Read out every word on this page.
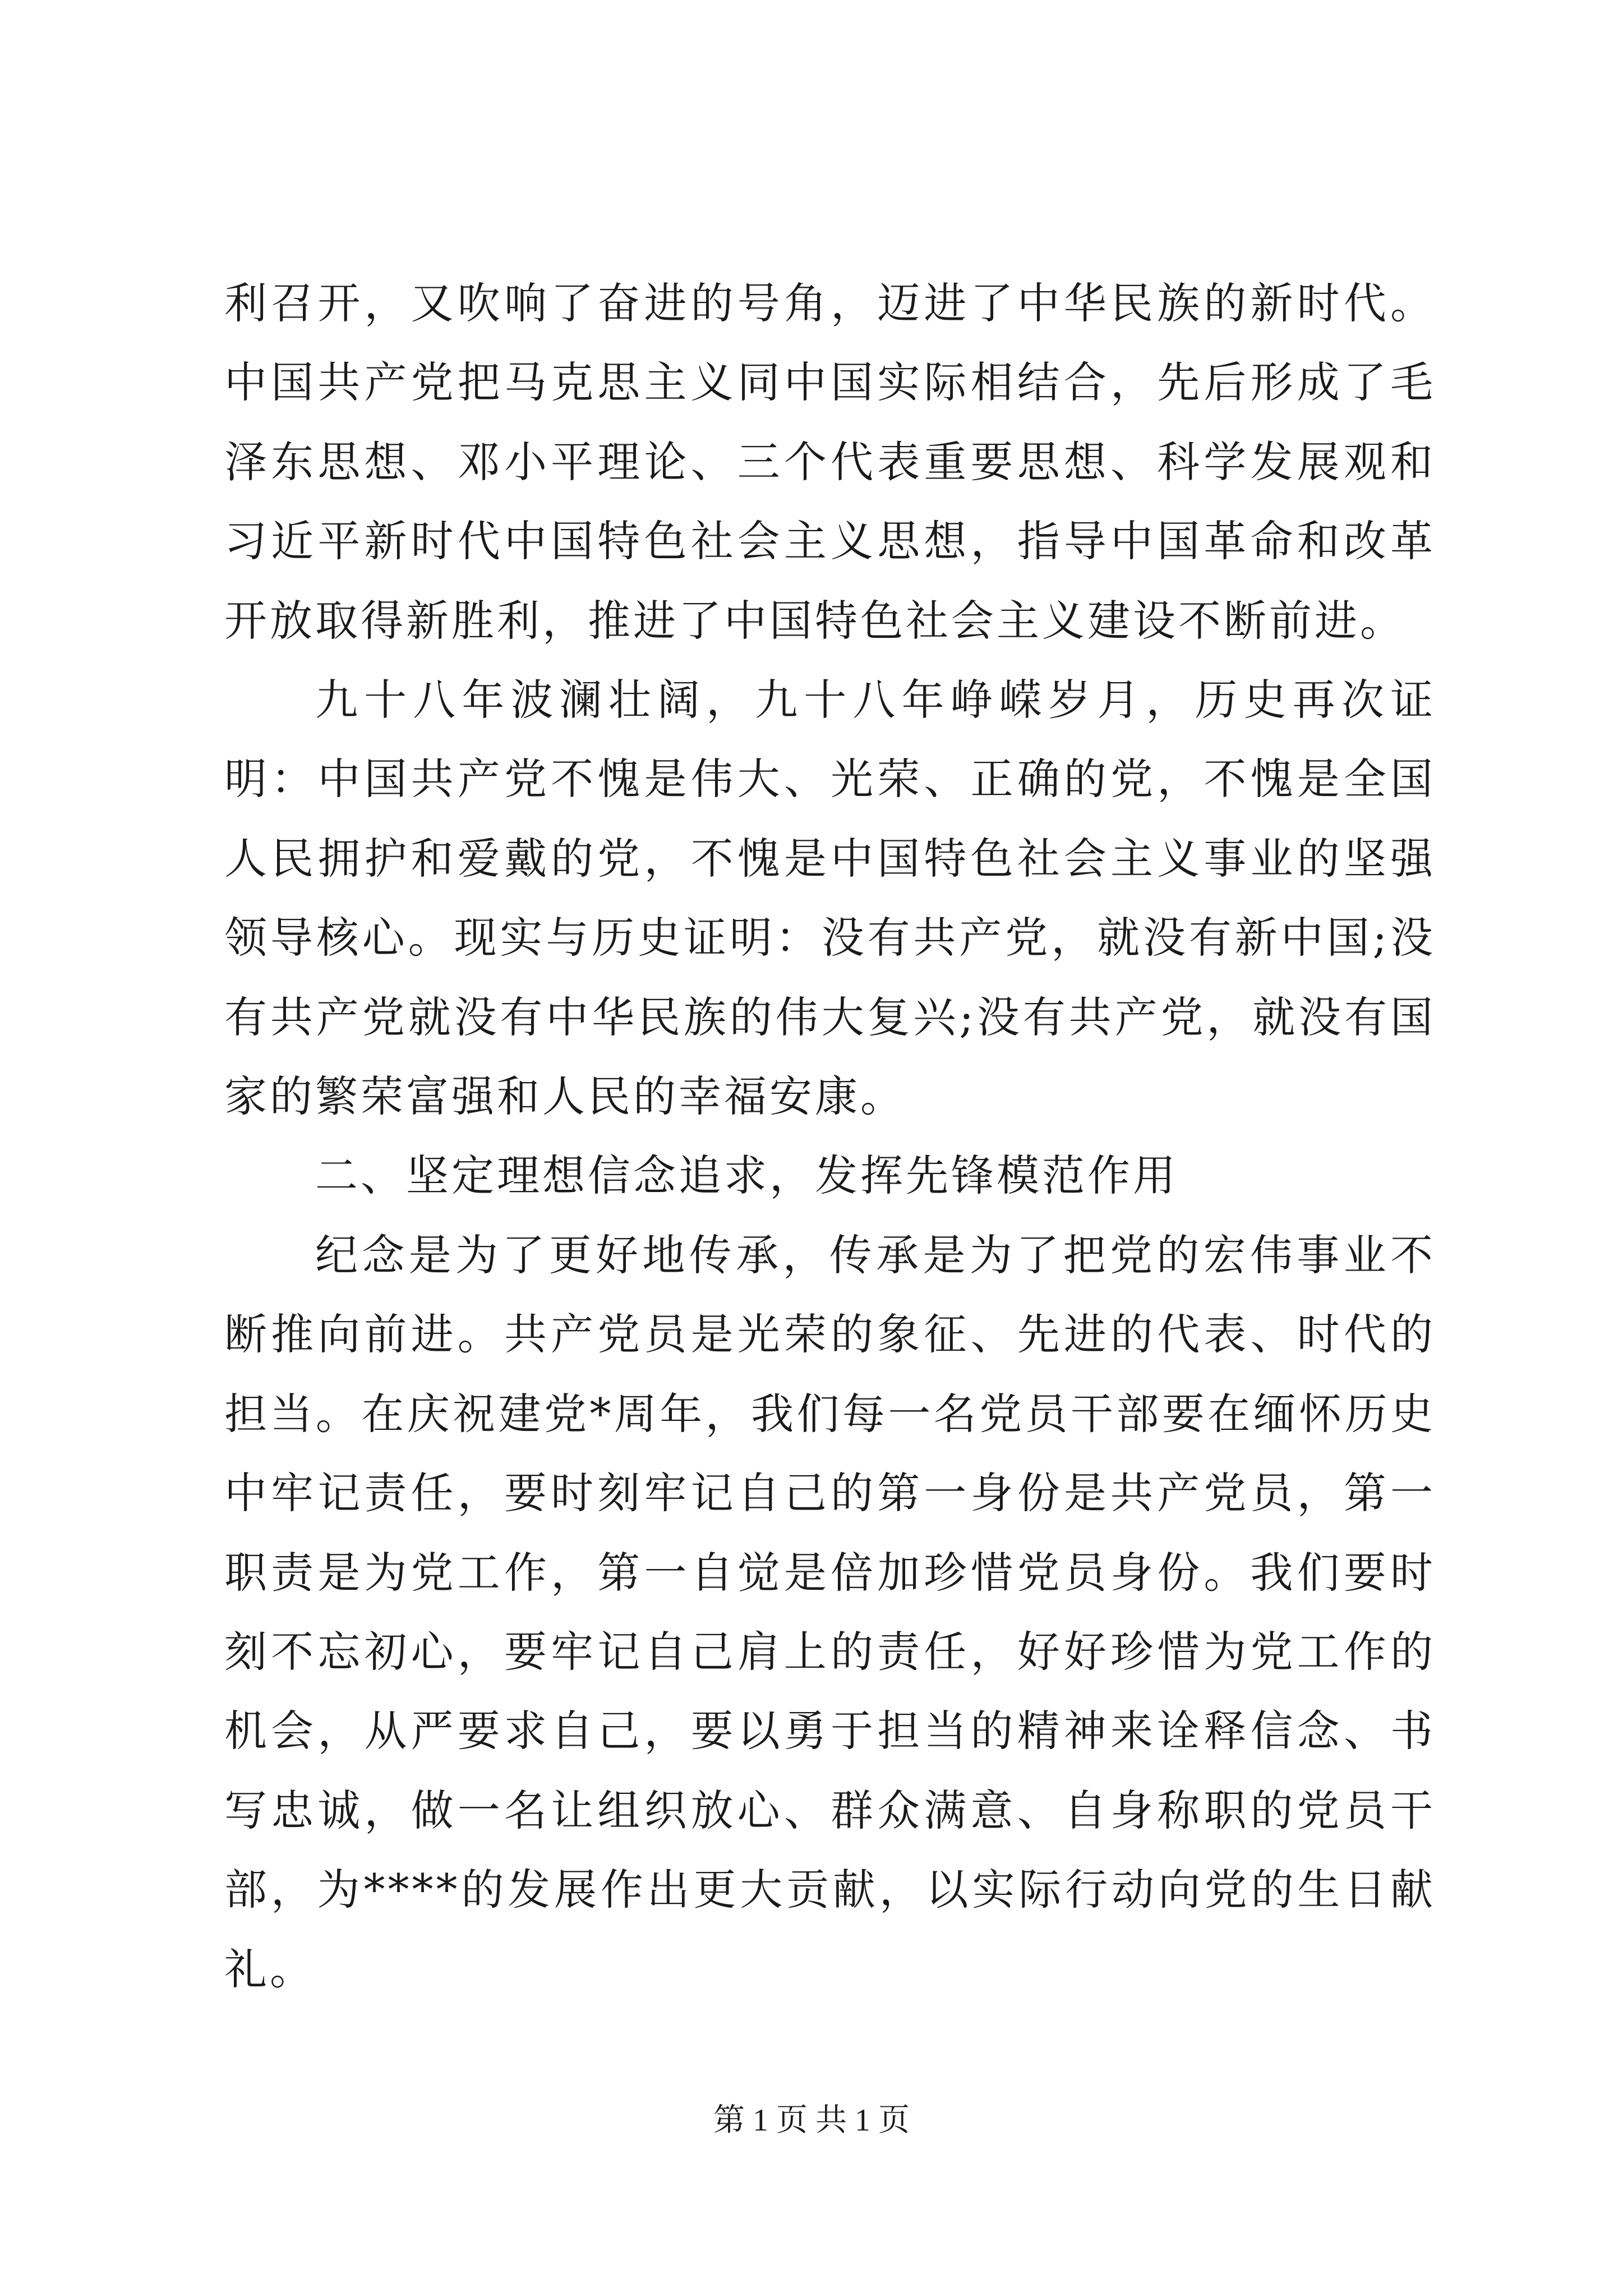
利召开，又吹响了奋进的号角，迈进了中华民族的新时代。中国共产党把马克思主义同中国实际相结合，先后形成了毛泽东思想、邓小平理论、三个代表重要思想、科学发展观和习近平新时代中国特色社会主义思想，指导中国革命和改革开放取得新胜利，推进了中国特色社会主义建设不断前进。

九十八年波澜壮阔，九十八年峥嵘岁月，历史再次证明：中国共产党不愧是伟大、光荣、正确的党，不愧是全国人民拥护和爱戴的党，不愧是中国特色社会主义事业的坚强领导核心。现实与历史证明：没有共产党，就没有新中国;没有共产党就没有中华民族的伟大复兴;没有共产党，就没有国家的繁荣富强和人民的幸福安康。

二、坚定理想信念追求，发挥先锋模范作用

纪念是为了更好地传承，传承是为了把党的宏伟事业不断推向前进。共产党员是光荣的象征、先进的代表、时代的担当。在庆祝建党*周年，我们每一名党员干部要在缅怀历史中牢记责任，要时刻牢记自己的第一身份是共产党员，第一职责是为党工作，第一自觉是倍加珍惜党员身份。我们要时刻不忘初心，要牢记自己肩上的责任，好好珍惜为党工作的机会，从严要求自己，要以勇于担当的精神来诠释信念、书写忠诚，做一名让组织放心、群众满意、自身称职的党员干部，为****的发展作出更大贡献，以实际行动向党的生日献礼。

第 1 页 共 1 页
